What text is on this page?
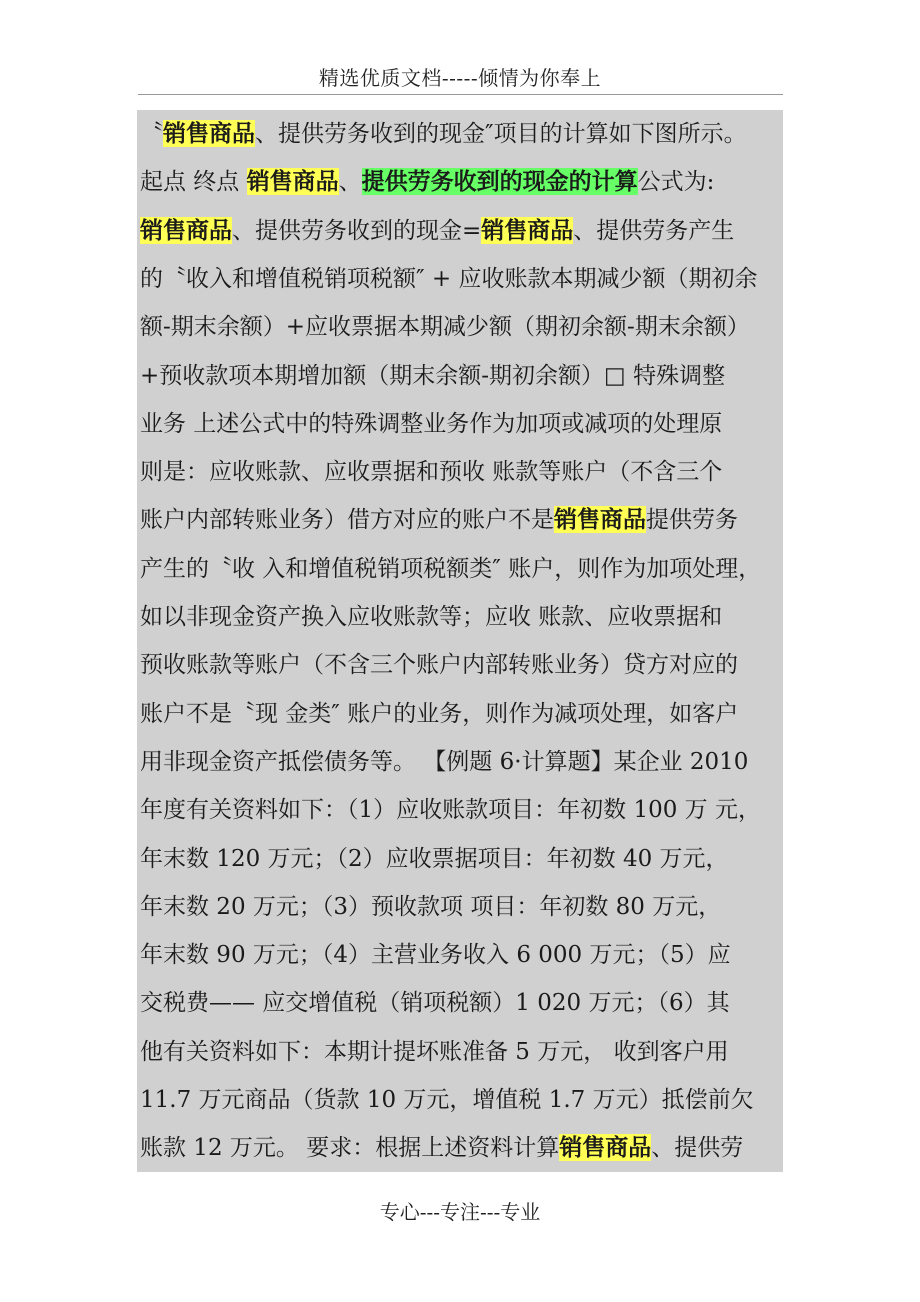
精选优质文档-----倾情为你奉上
〝销售商品、提供劳务收到的现金″项目的计算如下图所示。
起点 终点 销售商品、提供劳务收到的现金的计算公式为:
销售商品、提供劳务收到的现金=销售商品、提供劳务产生
的〝收入和增值税销项税额″ + 应收账款本期减少额（期初余
额-期末余额）+应收票据本期减少额（期初余额-期末余额）
+预收款项本期增加额（期末余额-期初余额）□ 特殊调整
业务 上述公式中的特殊调整业务作为加项或减项的处理原
则是：应收账款、应收票据和预收 账款等账户（不含三个
账户内部转账业务）借方对应的账户不是销售商品提供劳务
产生的〝收 入和增值税销项税额类″ 账户，则作为加项处理，
如以非现金资产换入应收账款等；应收 账款、应收票据和
预收账款等账户（不含三个账户内部转账业务）贷方对应的
账户不是〝现 金类″ 账户的业务，则作为减项处理，如客户
用非现金资产抵偿债务等。 【例题 6·计算题】某企业 2010
年度有关资料如下：（1）应收账款项目：年初数 100 万 元，
年末数 120 万元；（2）应收票据项目：年初数 40 万元，
年末数 20 万元；（3）预收款项 项目：年初数 80 万元，
年末数 90 万元；（4）主营业务收入 6 000 万元；（5）应
交税费—— 应交增值税（销项税额）1 020 万元；（6）其
他有关资料如下：本期计提坏账准备 5 万元， 收到客户用
11.7 万元商品（货款 10 万元，增值税 1.7 万元）抵偿前欠
账款 12 万元。 要求：根据上述资料计算销售商品、提供劳
专心---专注---专业
